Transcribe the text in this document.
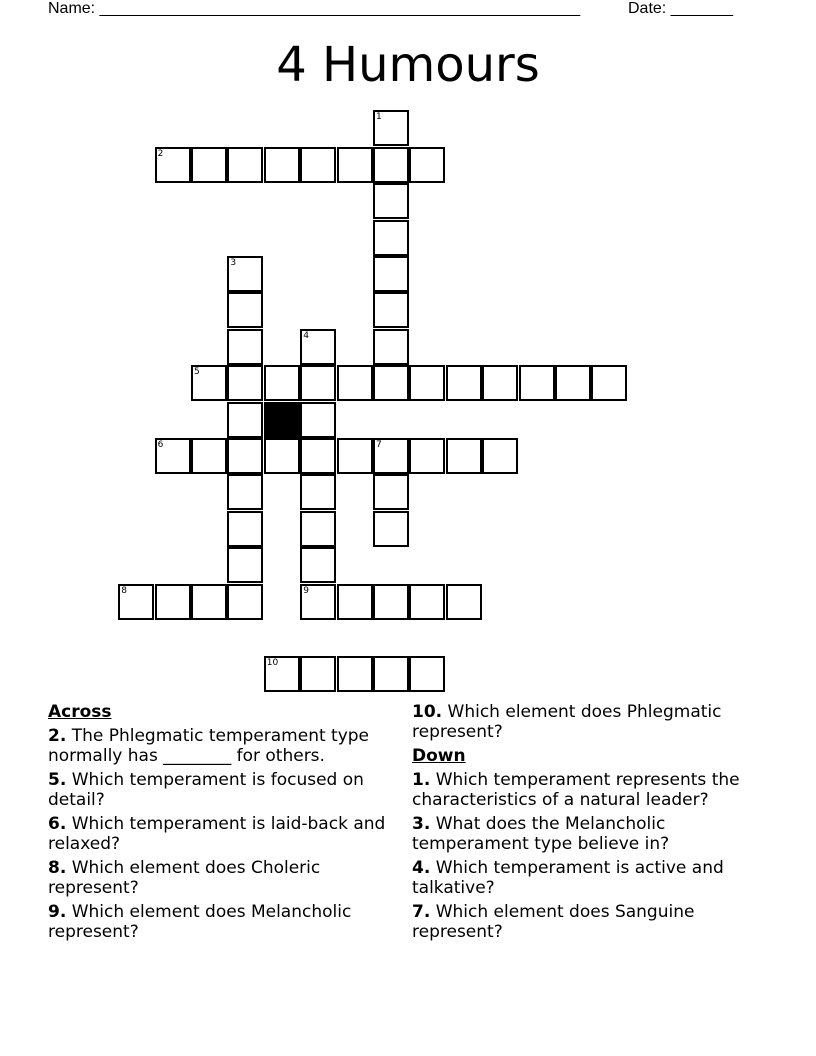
Name: ______________________________________________________	Date: _______
4 Humours
1
2
3
4
5
6	7
8	9
10
Across
2. The Phlegmatic temperament type normally has ________ for others.
5. Which temperament is focused on detail?
6. Which temperament is laid-back and relaxed?
8. Which element does Choleric represent?
9. Which element does Melancholic represent?
10. Which element does Phlegmatic represent?
Down
1. Which temperament represents the characteristics of a natural leader?
3. What does the Melancholic temperament type believe in?
4. Which temperament is active and talkative?
7. Which element does Sanguine represent?
